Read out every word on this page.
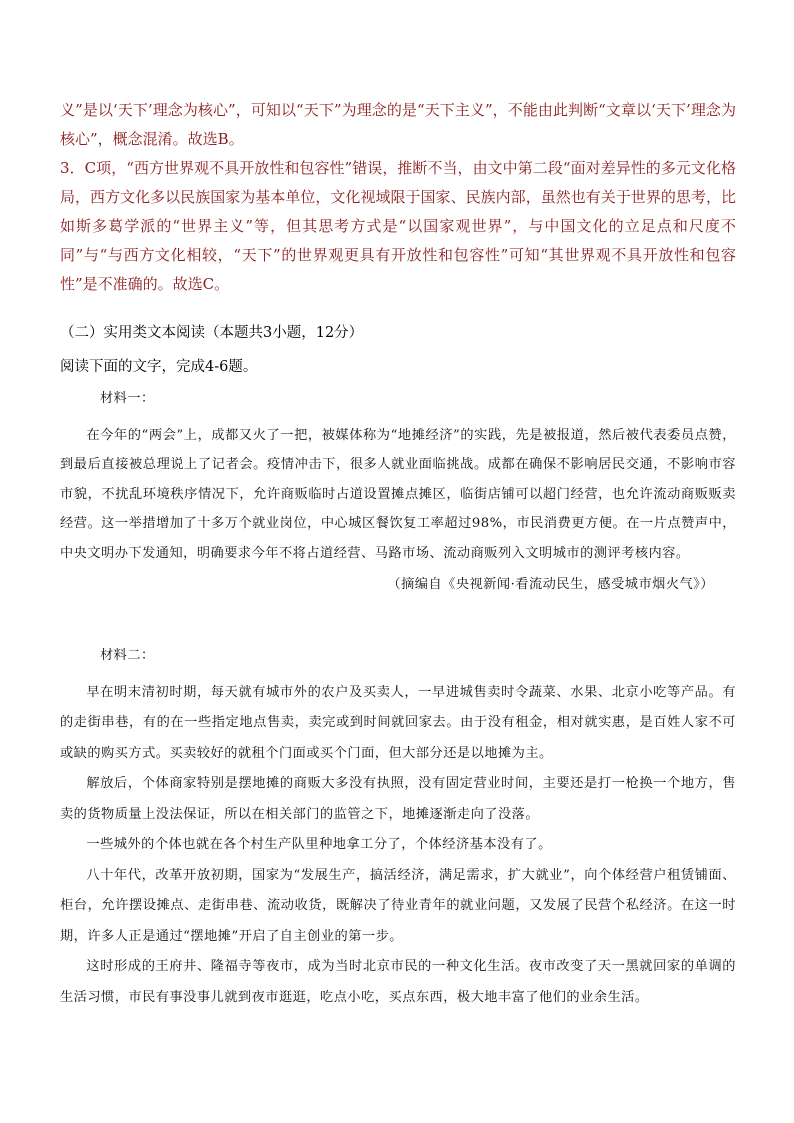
义”是以‘天下’理念为核心”，可知以“天下”为理念的是“天下主义”，不能由此判断“文章以‘天下’理念为核心”，概念混淆。故选B。

3．C项，“西方世界观不具开放性和包容性”错误，推断不当，由文中第二段“面对差异性的多元文化格局，西方文化多以民族国家为基本单位，文化视域限于国家、民族内部，虽然也有关于世界的思考，比如斯多葛学派的“世界主义”等，但其思考方式是“以国家观世界”，与中国文化的立足点和尺度不同”与“与西方文化相较，“天下”的世界观更具有开放性和包容性”可知“其世界观不具开放性和包容性”是不准确的。故选C。

（二）实用类文本阅读（本题共3小题，12分）
阅读下面的文字，完成4-6题。

材料一：

在今年的“两会”上，成都又火了一把，被媒体称为“地摊经济”的实践，先是被报道，然后被代表委员点赞，到最后直接被总理说上了记者会。疫情冲击下，很多人就业面临挑战。成都在确保不影响居民交通，不影响市容市貌，不扰乱环境秩序情况下，允许商贩临时占道设置摊点摊区，临街店铺可以超门经营，也允许流动商贩贩卖经营。这一举措增加了十多万个就业岗位，中心城区餐饮复工率超过98%，市民消费更方便。在一片点赞声中，中央文明办下发通知，明确要求今年不将占道经营、马路市场、流动商贩列入文明城市的测评考核内容。

（摘编自《央视新闻·看流动民生，感受城市烟火气》）

材料二：

早在明末清初时期，每天就有城市外的农户及买卖人，一早进城售卖时令蔬菜、水果、北京小吃等产品。有的走街串巷，有的在一些指定地点售卖，卖完或到时间就回家去。由于没有租金，相对就实惠，是百姓人家不可或缺的购买方式。买卖较好的就租个门面或买个门面，但大部分还是以地摊为主。

解放后，个体商家特别是摆地摊的商贩大多没有执照，没有固定营业时间，主要还是打一枪换一个地方，售卖的货物质量上没法保证，所以在相关部门的监管之下，地摊逐渐走向了没落。

一些城外的个体也就在各个村生产队里种地拿工分了，个体经济基本没有了。

八十年代，改革开放初期，国家为“发展生产，搞活经济，满足需求，扩大就业”，向个体经营户租赁铺面、柜台，允许摆设摊点、走街串巷、流动收货，既解决了待业青年的就业问题，又发展了民营个私经济。在这一时期，许多人正是通过“摆地摊”开启了自主创业的第一步。

这时形成的王府井、隆福寺等夜市，成为当时北京市民的一种文化生活。夜市改变了天一黑就回家的单调的生活习惯，市民有事没事儿就到夜市逛逛，吃点小吃，买点东西，极大地丰富了他们的业余生活。
